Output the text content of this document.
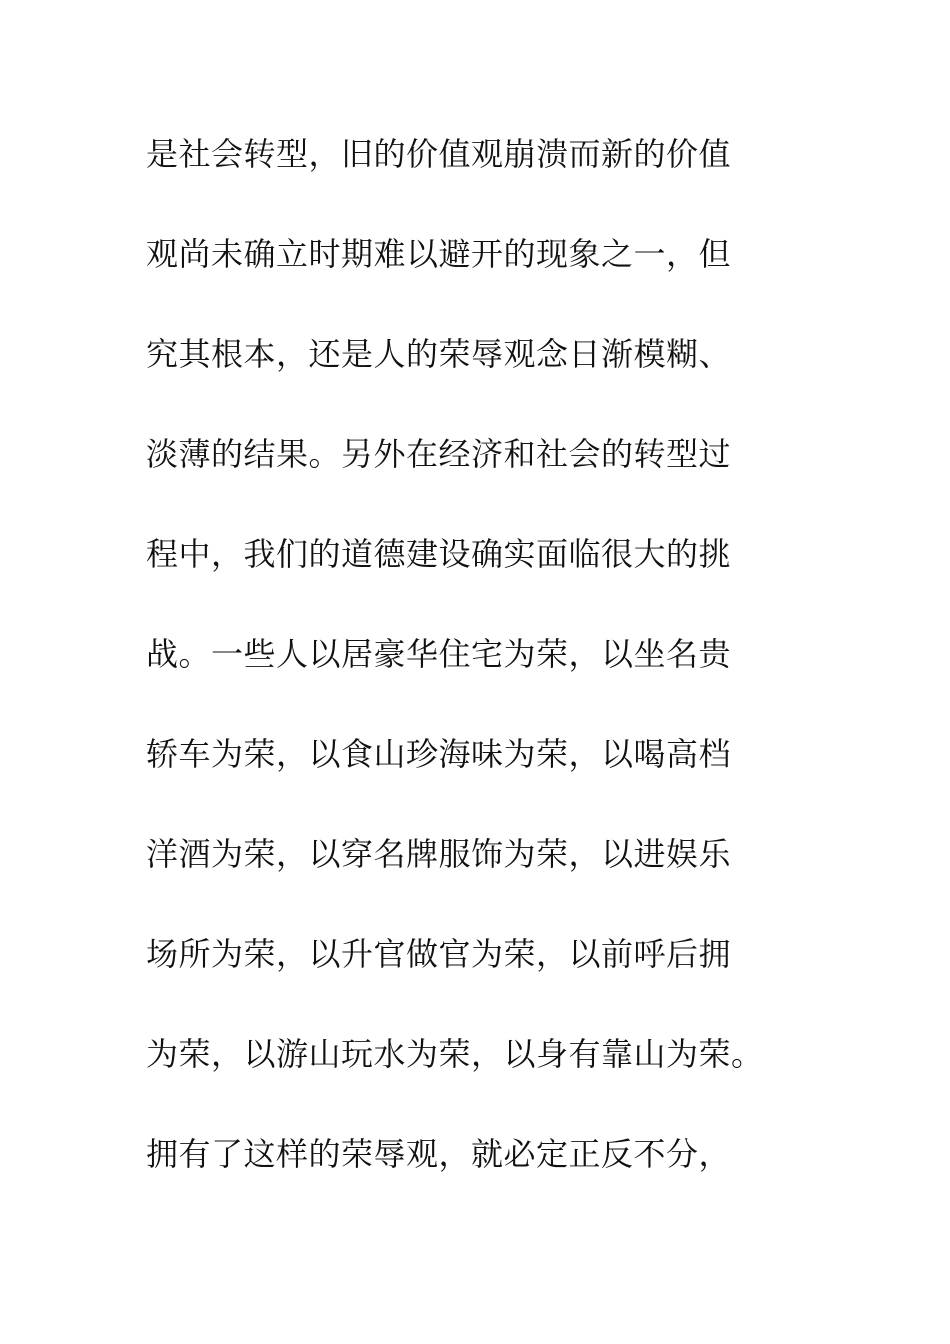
是社会转型，旧的价值观崩溃而新的价值
观尚未确立时期难以避开的现象之一，但
究其根本，还是人的荣辱观念日渐模糊、
淡薄的结果。另外在经济和社会的转型过
程中，我们的道德建设确实面临很大的挑
战。一些人以居豪华住宅为荣，以坐名贵
轿车为荣，以食山珍海味为荣，以喝高档
洋酒为荣，以穿名牌服饰为荣，以进娱乐
场所为荣，以升官做官为荣，以前呼后拥
为荣，以游山玩水为荣，以身有靠山为荣。
拥有了这样的荣辱观，就必定正反不分，
